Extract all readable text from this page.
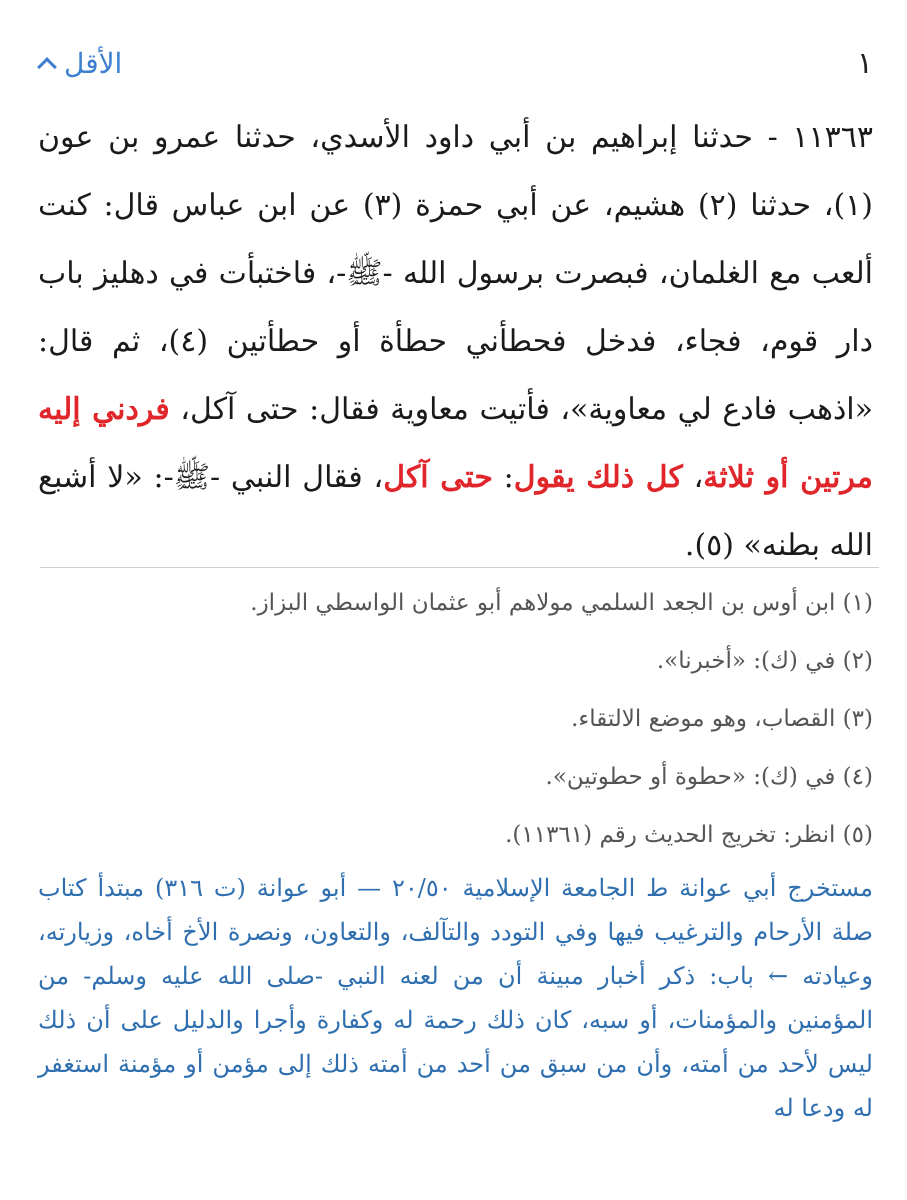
١
الأقل
١١٣٦٣ - حدثنا إبراهيم بن أبي داود الأسدي، حدثنا عمرو بن عون (١)، حدثنا (٢) هشيم، عن أبي حمزة (٣) عن ابن عباس قال: كنت ألعب مع الغلمان، فبصرت برسول الله -ﷺ-، فاختبأت في دهليز باب دار قوم، فجاء، فدخل فحطأني حطأة أو حطأتين (٤)، ثم قال: «اذهب فادع لي معاوية»، فأتيت معاوية فقال: حتى آكل، فردني إليه مرتين أو ثلاثة، كل ذلك يقول: حتى آكل، فقال النبي -ﷺ-: «لا أشبع الله بطنه» (٥).
(١) ابن أوس بن الجعد السلمي مولاهم أبو عثمان الواسطي البزاز.
(٢) في (ك): «أخبرنا».
(٣) القصاب، وهو موضع الالتقاء.
(٤) في (ك): «حطوة أو حطوتين».
(٥) انظر: تخريج الحديث رقم (١١٣٦١).
مستخرج أبي عوانة ط الجامعة الإسلامية ٢٠/٥٠ — أبو عوانة (ت ٣١٦) مبتدأ كتاب صلة الأرحام والترغيب فيها وفي التودد والتآلف، والتعاون، ونصرة الأخ أخاه، وزيارته، وعيادته ← باب: ذكر أخبار مبينة أن من لعنه النبي -صلى الله عليه وسلم- من المؤمنين والمؤمنات، أو سبه، كان ذلك رحمة له وكفارة وأجرا والدليل على أن ذلك ليس لأحد من أمته، وأن من سبق من أحد من أمته ذلك إلى مؤمن أو مؤمنة استغفر له ودعا له
